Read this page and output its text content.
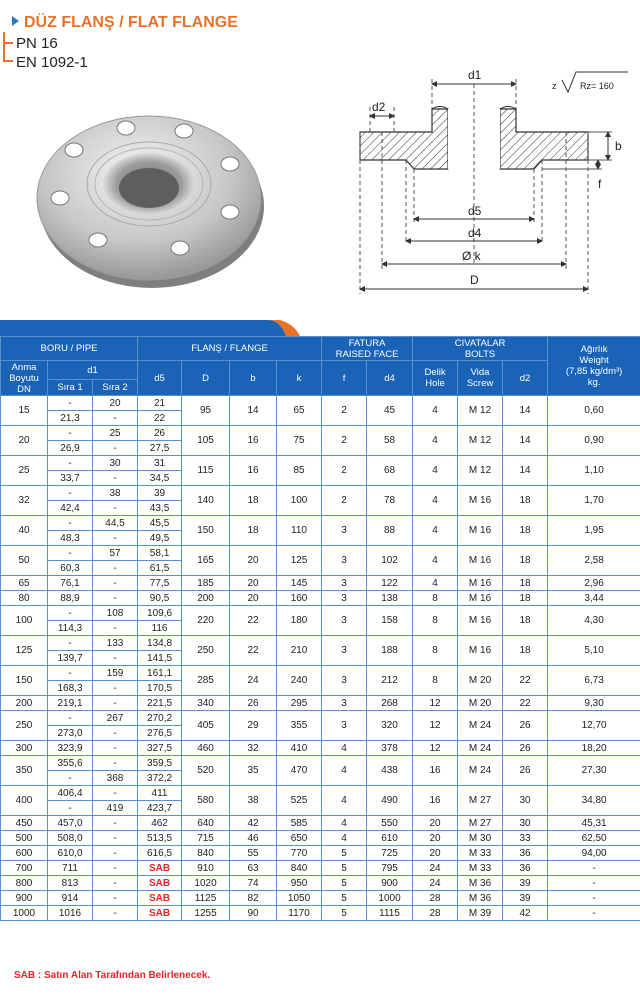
DÜZ FLANŞ / FLAT FLANGE
PN 16
EN 1092-1
d1
d2
d5
d4
Ø k
D
b
f
z	Rz= 160
BORU / PIPE			FLANŞ / FLANGE				FATURA
RAISED FACE		CIVATALAR
BOLTS			Ağırlık
Weight
(7,85 kg/dm³)
kg.
Anma
Boyutu
DN	d1		d5	D	b	k	f	d4	Delik
Hole	Vida
Screw	d2	
	Sıra 1	Sıra 2										
15	-	20	21	95	14	65	2	45	4	M 12	14	0,60
	21,3	-	22									
20	-	25	26	105	16	75	2	58	4	M 12	14	0,90
	26,9	-	27,5									
25	-	30	31	115	16	85	2	68	4	M 12	14	1,10
	33,7	-	34,5									
32	-	38	39	140	18	100	2	78	4	M 16	18	1,70
	42,4	-	43,5									
40	-	44,5	45,5	150	18	110	3	88	4	M 16	18	1,95
	48,3	-	49,5									
50	-	57	58,1	165	20	125	3	102	4	M 16	18	2,58
	60,3	-	61,5									
65	76,1	-	77,5	185	20	145	3	122	4	M 16	18	2,96
80	88,9	-	90,5	200	20	160	3	138	8	M 16	18	3,44
100	-	108	109,6	220	22	180	3	158	8	M 16	18	4,30
	114,3	-	116									
125	-	133	134,8	250	22	210	3	188	8	M 16	18	5,10
	139,7	-	141,5									
150	-	159	161,1	285	24	240	3	212	8	M 20	22	6,73
	168,3	-	170,5									
200	219,1	-	221,5	340	26	295	3	268	12	M 20	22	9,30
250	-	267	270,2	405	29	355	3	320	12	M 24	26	12,70
	273,0	-	276,5									
300	323,9	-	327,5	460	32	410	4	378	12	M 24	26	18,20
350	355,6	-	359,5	520	35	470	4	438	16	M 24	26	27,30
	-	368	372,2									
400	406,4	-	411	580	38	525	4	490	16	M 27	30	34,80
	-	419	423,7									
450	457,0	-	462	640	42	585	4	550	20	M 27	30	45,31
500	508,0	-	513,5	715	46	650	4	610	20	M 30	33	62,50
600	610,0	-	616,5	840	55	770	5	725	20	M 33	36	94,00
700	711	-	SAB	910	63	840	5	795	24	M 33	36	-
800	813	-	SAB	1020	74	950	5	900	24	M 36	39	-
900	914	-	SAB	1125	82	1050	5	1000	28	M 36	39	-
1000	1016	-	SAB	1255	90	1170	5	1115	28	M 39	42	-
SAB : Satın Alan Tarafından Belirlenecek.
